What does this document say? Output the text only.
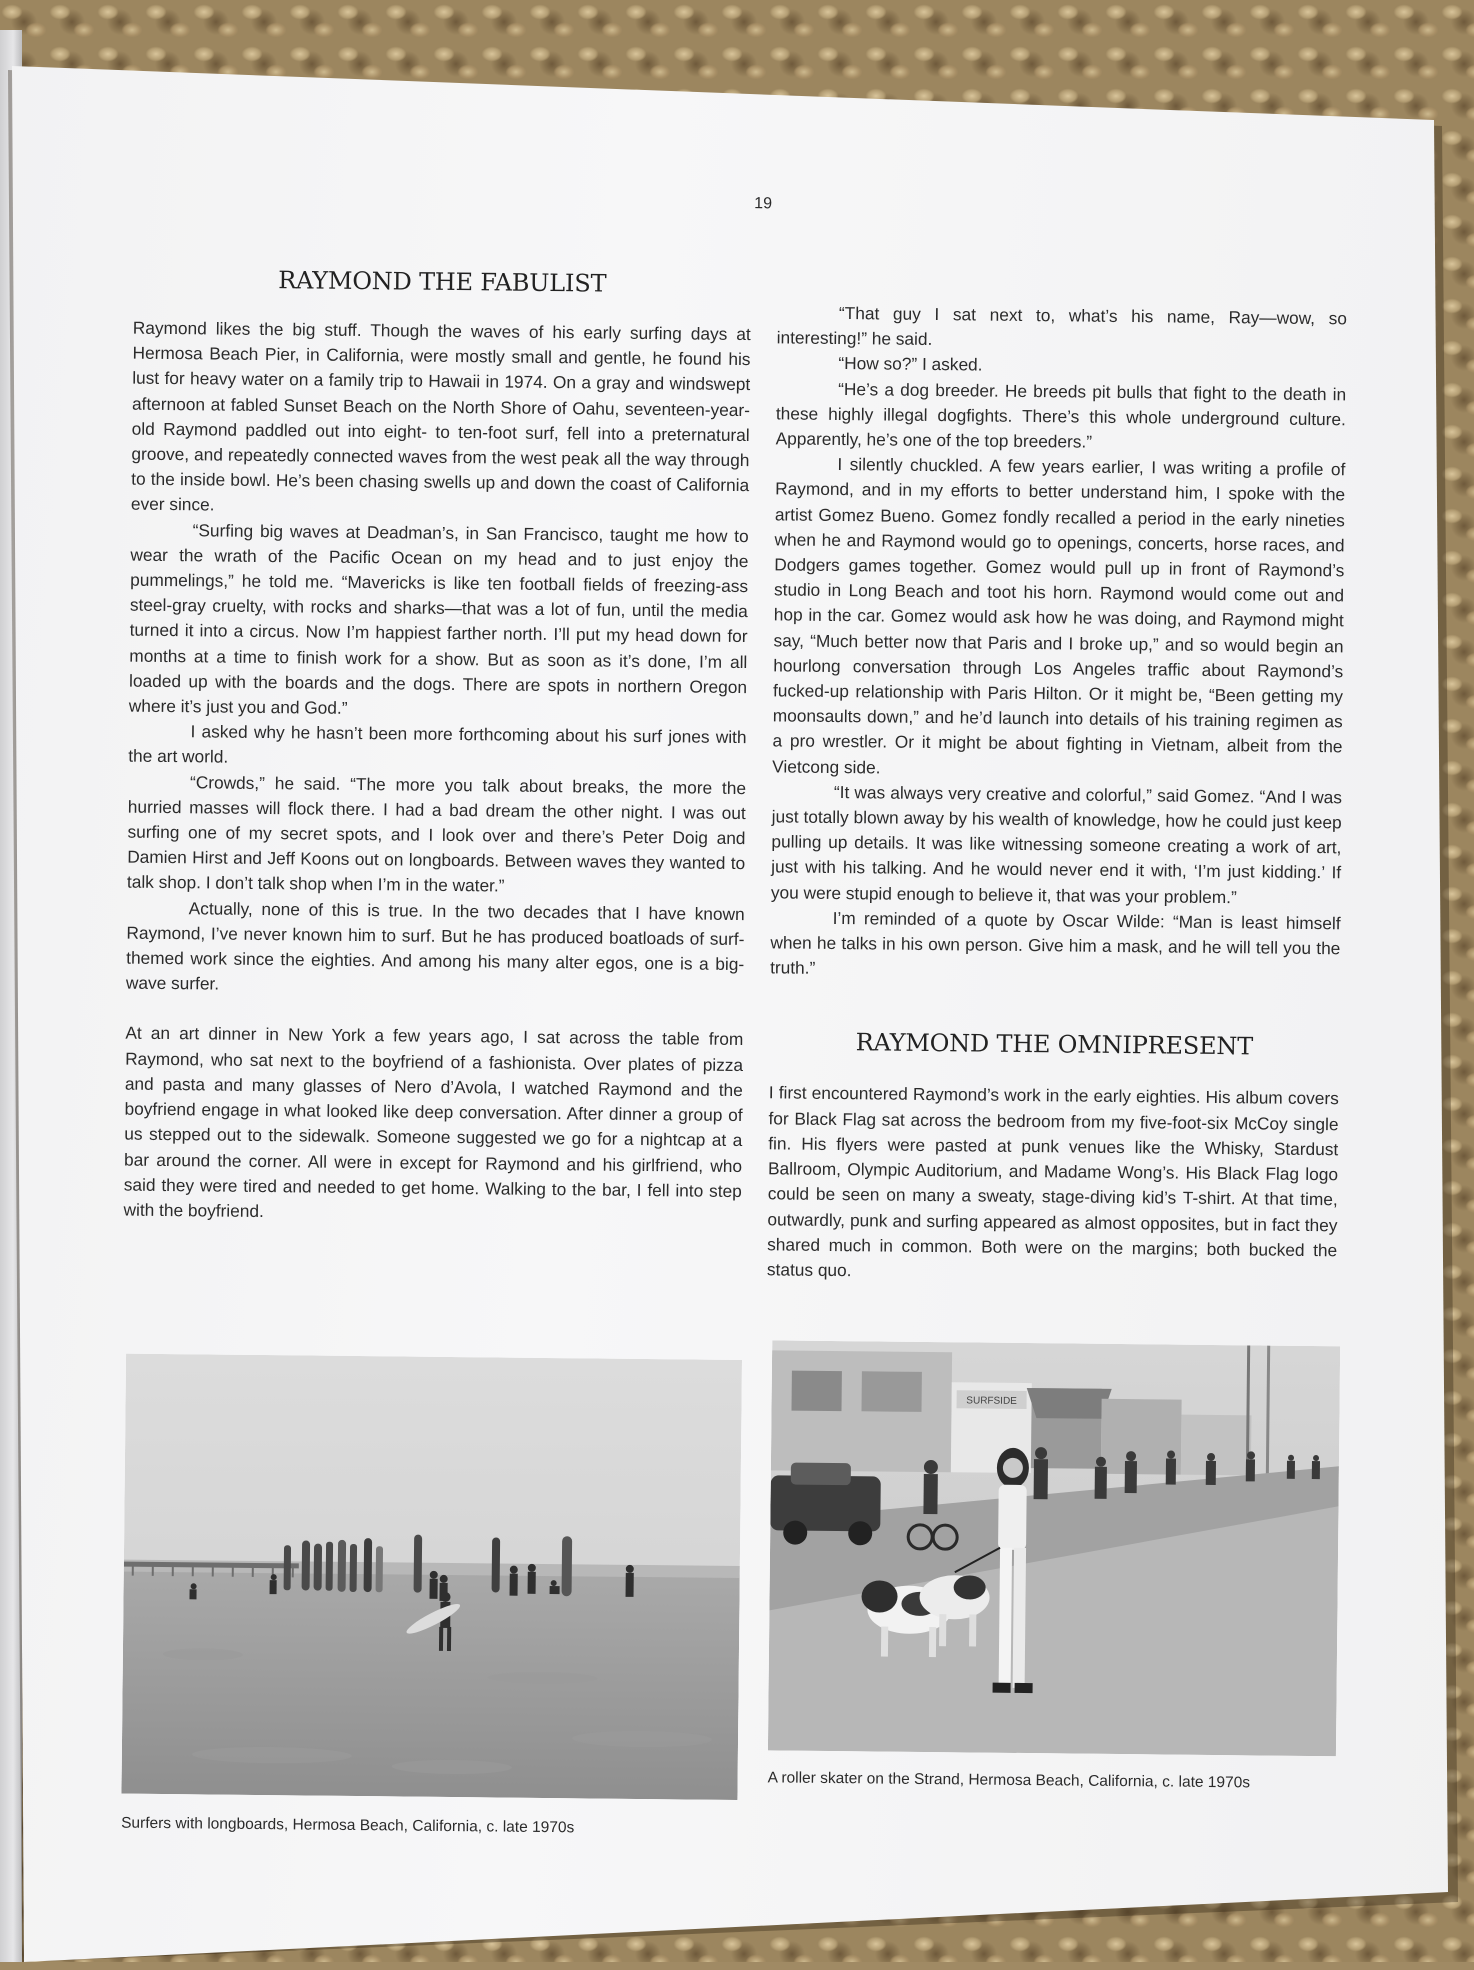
19
RAYMOND THE FABULIST

Raymond likes the big stuff. Though the waves of his early surfing days at Hermosa Beach Pier, in California, were mostly small and gentle, he found his lust for heavy water on a family trip to Hawaii in 1974. On a gray and windswept afternoon at fabled Sunset Beach on the North Shore of Oahu, seventeen-year-old Raymond paddled out into eight- to ten-foot surf, fell into a preternatural groove, and repeatedly connected waves from the west peak all the way through to the inside bowl. He’s been chasing swells up and down the coast of California ever since.

“Surfing big waves at Deadman’s, in San Francisco, taught me how to wear the wrath of the Pacific Ocean on my head and to just enjoy the pummelings,” he told me. “Mavericks is like ten football fields of freezing-ass steel-gray cruelty, with rocks and sharks—that was a lot of fun, until the media turned it into a circus. Now I’m happiest farther north. I’ll put my head down for months at a time to finish work for a show. But as soon as it’s done, I’m all loaded up with the boards and the dogs. There are spots in northern Oregon where it’s just you and God.”

I asked why he hasn’t been more forthcoming about his surf jones with the art world.

“Crowds,” he said. “The more you talk about breaks, the more the hurried masses will flock there. I had a bad dream the other night. I was out surfing one of my secret spots, and I look over and there’s Peter Doig and Damien Hirst and Jeff Koons out on longboards. Between waves they wanted to talk shop. I don’t talk shop when I’m in the water.”

Actually, none of this is true. In the two decades that I have known Raymond, I’ve never known him to surf. But he has produced boatloads of surf-themed work since the eighties. And among his many alter egos, one is a big-wave surfer.

At an art dinner in New York a few years ago, I sat across the table from Raymond, who sat next to the boyfriend of a fashionista. Over plates of pizza and pasta and many glasses of Nero d’Avola, I watched Raymond and the boyfriend engage in what looked like deep conversation. After dinner a group of us stepped out to the sidewalk. Someone suggested we go for a nightcap at a bar around the corner. All were in except for Raymond and his girlfriend, who said they were tired and needed to get home. Walking to the bar, I fell into step with the boyfriend.

“That guy I sat next to, what’s his name, Ray—wow, so interesting!” he said.

“How so?” I asked.

“He’s a dog breeder. He breeds pit bulls that fight to the death in these highly illegal dogfights. There’s this whole underground culture. Apparently, he’s one of the top breeders.”

I silently chuckled. A few years earlier, I was writing a profile of Raymond, and in my efforts to better understand him, I spoke with the artist Gomez Bueno. Gomez fondly recalled a period in the early nineties when he and Raymond would go to openings, concerts, horse races, and Dodgers games together. Gomez would pull up in front of Raymond’s studio in Long Beach and toot his horn. Raymond would come out and hop in the car. Gomez would ask how he was doing, and Raymond might say, “Much better now that Paris and I broke up,” and so would begin an hourlong conversation through Los Angeles traffic about Raymond’s fucked-up relationship with Paris Hilton. Or it might be, “Been getting my moonsaults down,” and he’d launch into details of his training regimen as a pro wrestler. Or it might be about fighting in Vietnam, albeit from the Vietcong side.

“It was always very creative and colorful,” said Gomez. “And I was just totally blown away by his wealth of knowledge, how he could just keep pulling up details. It was like witnessing someone creating a work of art, just with his talking. And he would never end it with, ‘I’m just kidding.’ If you were stupid enough to believe it, that was your problem.”

I’m reminded of a quote by Oscar Wilde: “Man is least himself when he talks in his own person. Give him a mask, and he will tell you the truth.”

RAYMOND THE OMNIPRESENT

I first encountered Raymond’s work in the early eighties. His album covers for Black Flag sat across the bedroom from my five-foot-six McCoy single fin. His flyers were pasted at punk venues like the Whisky, Stardust Ballroom, Olympic Auditorium, and Madame Wong’s. His Black Flag logo could be seen on many a sweaty, stage-diving kid’s T-shirt. At that time, outwardly, punk and surfing appeared as almost opposites, but in fact they shared much in common. Both were on the margins; both bucked the status quo.

Surfers with longboards, Hermosa Beach, California, c. late 1970s
SURFSIDE
A roller skater on the Strand, Hermosa Beach, California, c. late 1970s
